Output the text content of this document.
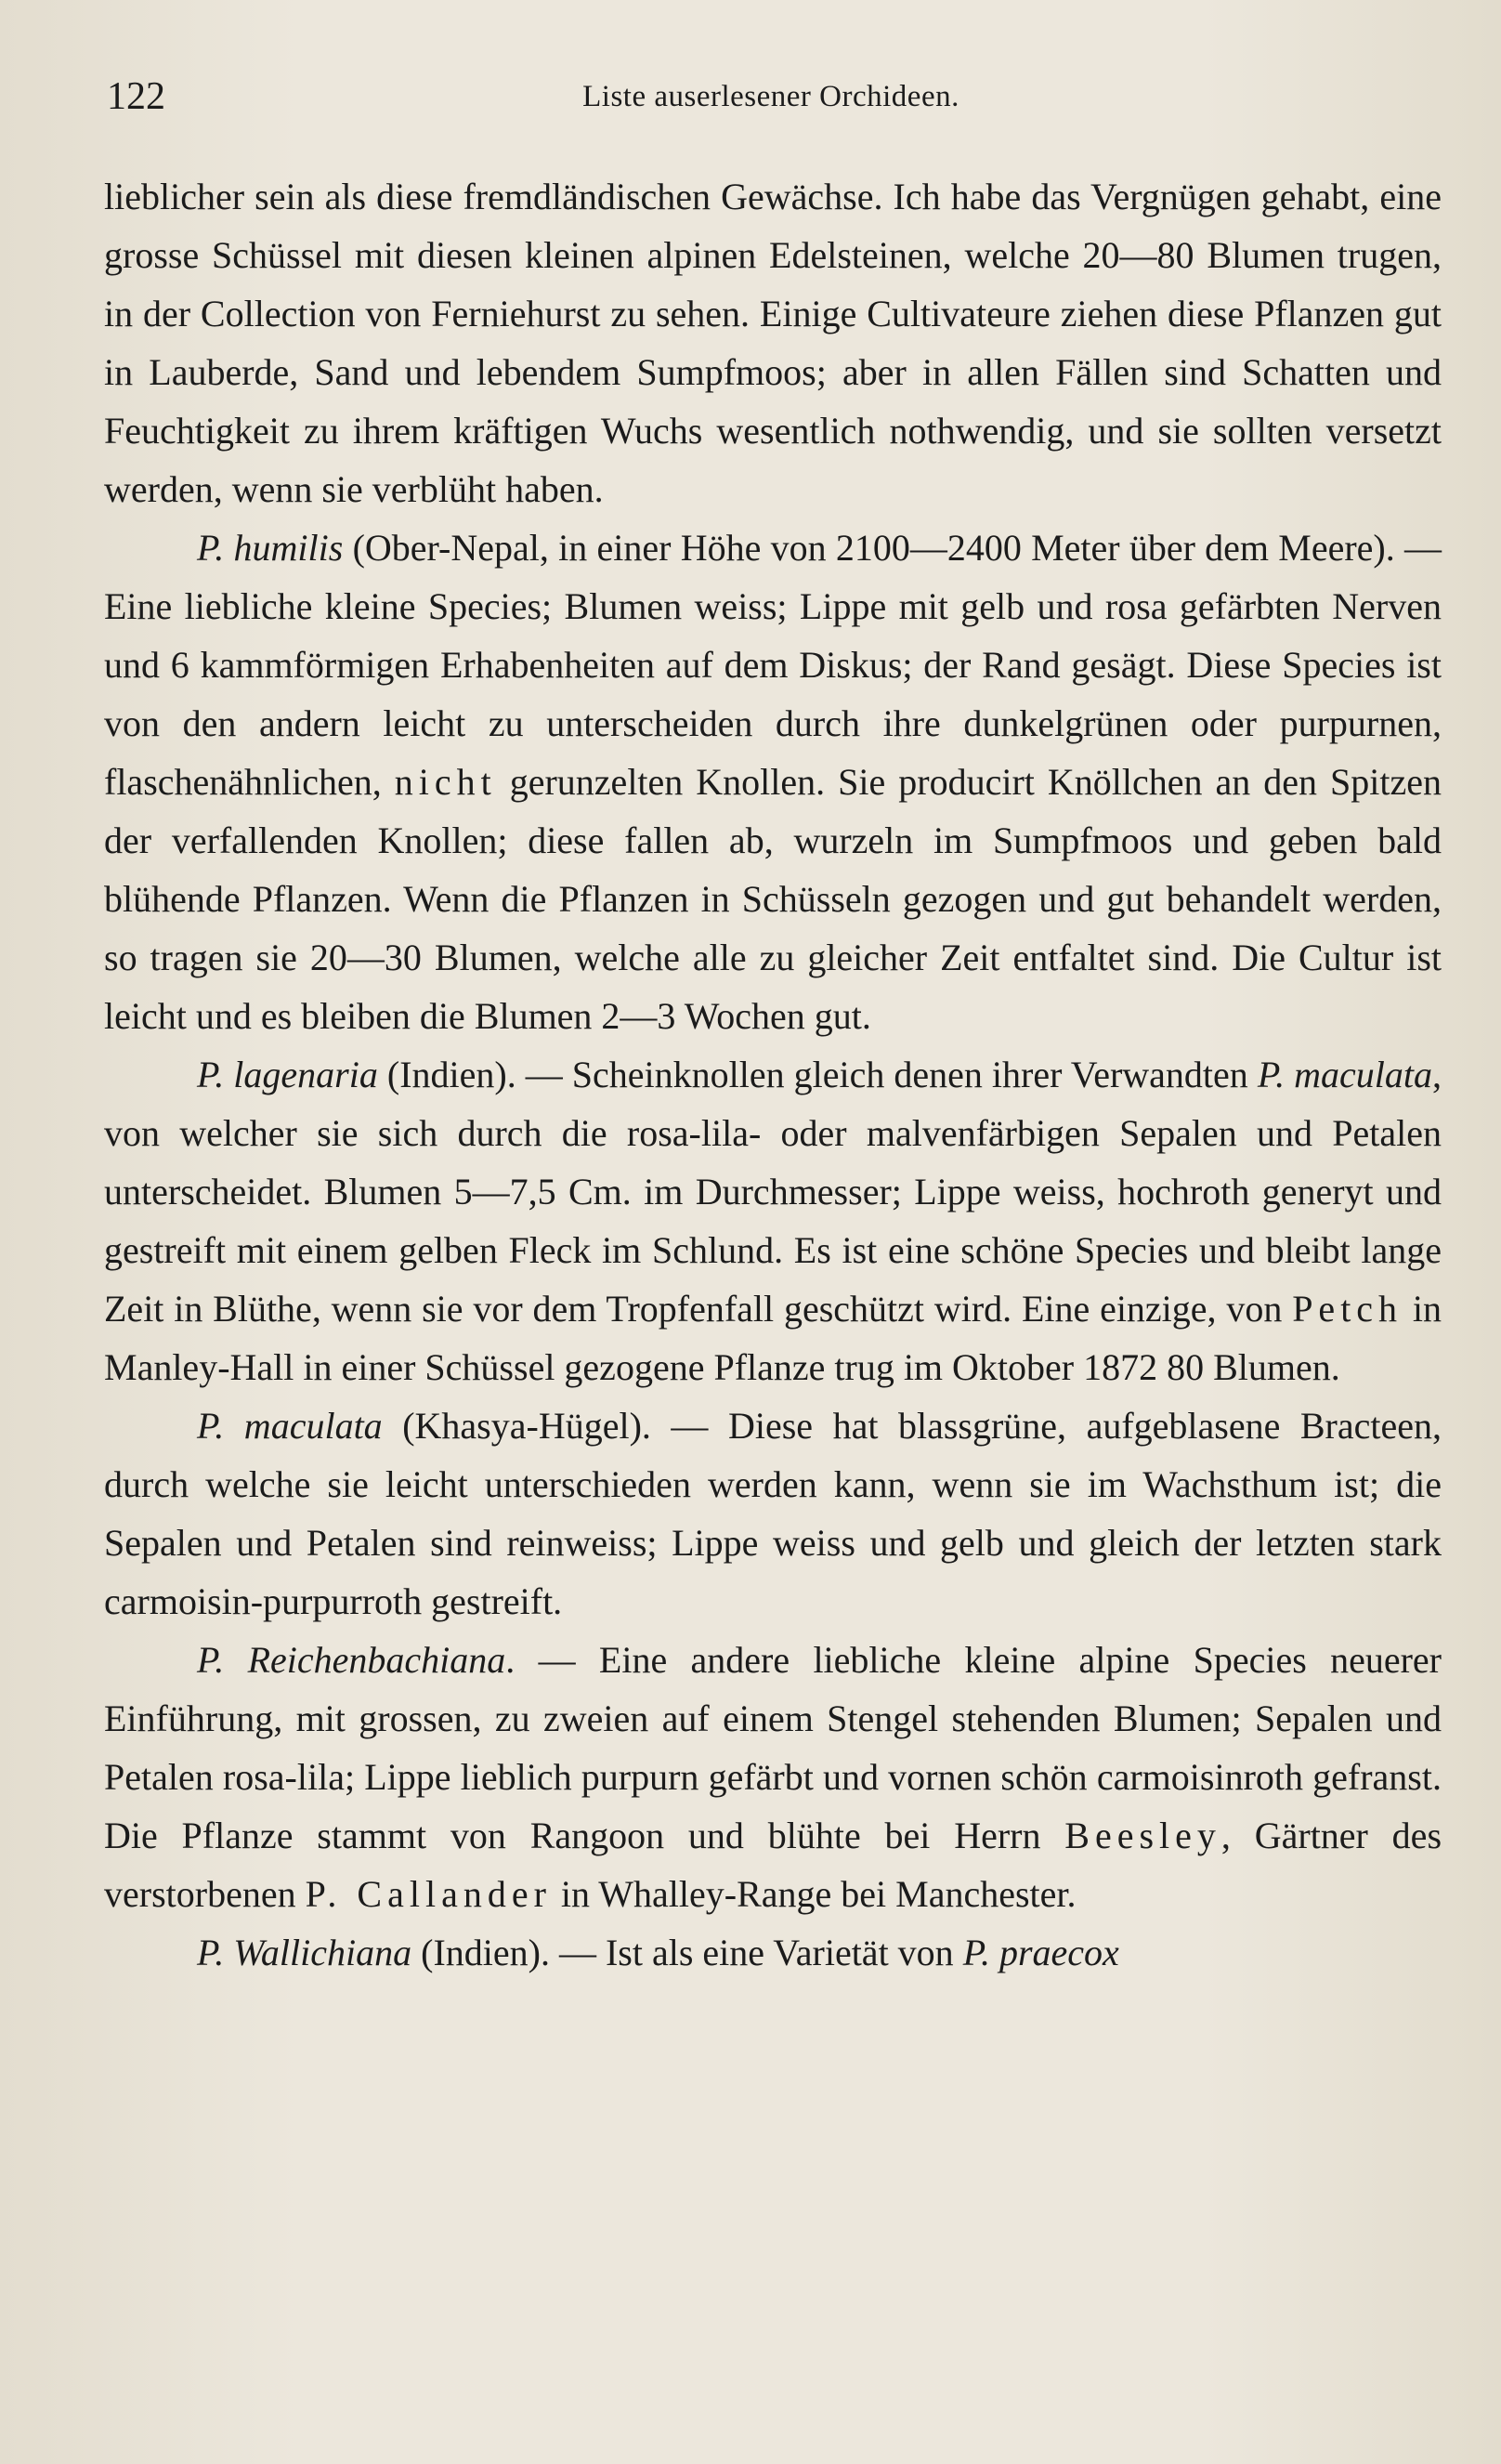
122	Liste auserlesener Orchideen.

lieblicher sein als diese fremdländischen Gewächse. Ich habe das Vergnügen gehabt, eine grosse Schüssel mit diesen kleinen alpinen Edelsteinen, welche 20—80 Blumen trugen, in der Collection von Ferniehurst zu sehen. Einige Cultivateure ziehen diese Pflanzen gut in Lauberde, Sand und lebendem Sumpfmoos; aber in allen Fällen sind Schatten und Feuchtigkeit zu ihrem kräftigen Wuchs wesentlich nothwendig, und sie sollten versetzt werden, wenn sie verblüht haben.

P. humilis (Ober-Nepal, in einer Höhe von 2100—2400 Meter über dem Meere). — Eine liebliche kleine Species; Blumen weiss; Lippe mit gelb und rosa gefärbten Nerven und 6 kammförmigen Erhabenheiten auf dem Diskus; der Rand gesägt. Diese Species ist von den andern leicht zu unterscheiden durch ihre dunkelgrünen oder purpurnen, flaschenähnlichen, nicht gerunzelten Knollen. Sie producirt Knöllchen an den Spitzen der verfallenden Knollen; diese fallen ab, wurzeln im Sumpfmoos und geben bald blühende Pflanzen. Wenn die Pflanzen in Schüsseln gezogen und gut behandelt werden, so tragen sie 20—30 Blumen, welche alle zu gleicher Zeit entfaltet sind. Die Cultur ist leicht und es bleiben die Blumen 2—3 Wochen gut.

P. lagenaria (Indien). — Scheinknollen gleich denen ihrer Verwandten P. maculata, von welcher sie sich durch die rosa-lila- oder malvenfärbigen Sepalen und Petalen unterscheidet. Blumen 5—7,5 Cm. im Durchmesser; Lippe weiss, hochroth generyt und gestreift mit einem gelben Fleck im Schlund. Es ist eine schöne Species und bleibt lange Zeit in Blüthe, wenn sie vor dem Tropfenfall geschützt wird. Eine einzige, von Petch in Manley-Hall in einer Schüssel gezogene Pflanze trug im Oktober 1872 80 Blumen.

P. maculata (Khasya-Hügel). — Diese hat blassgrüne, aufgeblasene Bracteen, durch welche sie leicht unterschieden werden kann, wenn sie im Wachsthum ist; die Sepalen und Petalen sind reinweiss; Lippe weiss und gelb und gleich der letzten stark carmoisin-purpurroth gestreift.

P. Reichenbachiana. — Eine andere liebliche kleine alpine Species neuerer Einführung, mit grossen, zu zweien auf einem Stengel stehenden Blumen; Sepalen und Petalen rosa-lila; Lippe lieblich purpurn gefärbt und vornen schön carmoisinroth gefranst. Die Pflanze stammt von Rangoon und blühte bei Herrn Beesley, Gärtner des verstorbenen P. Callander in Whalley-Range bei Manchester.

P. Wallichiana (Indien). — Ist als eine Varietät von P. praecox
